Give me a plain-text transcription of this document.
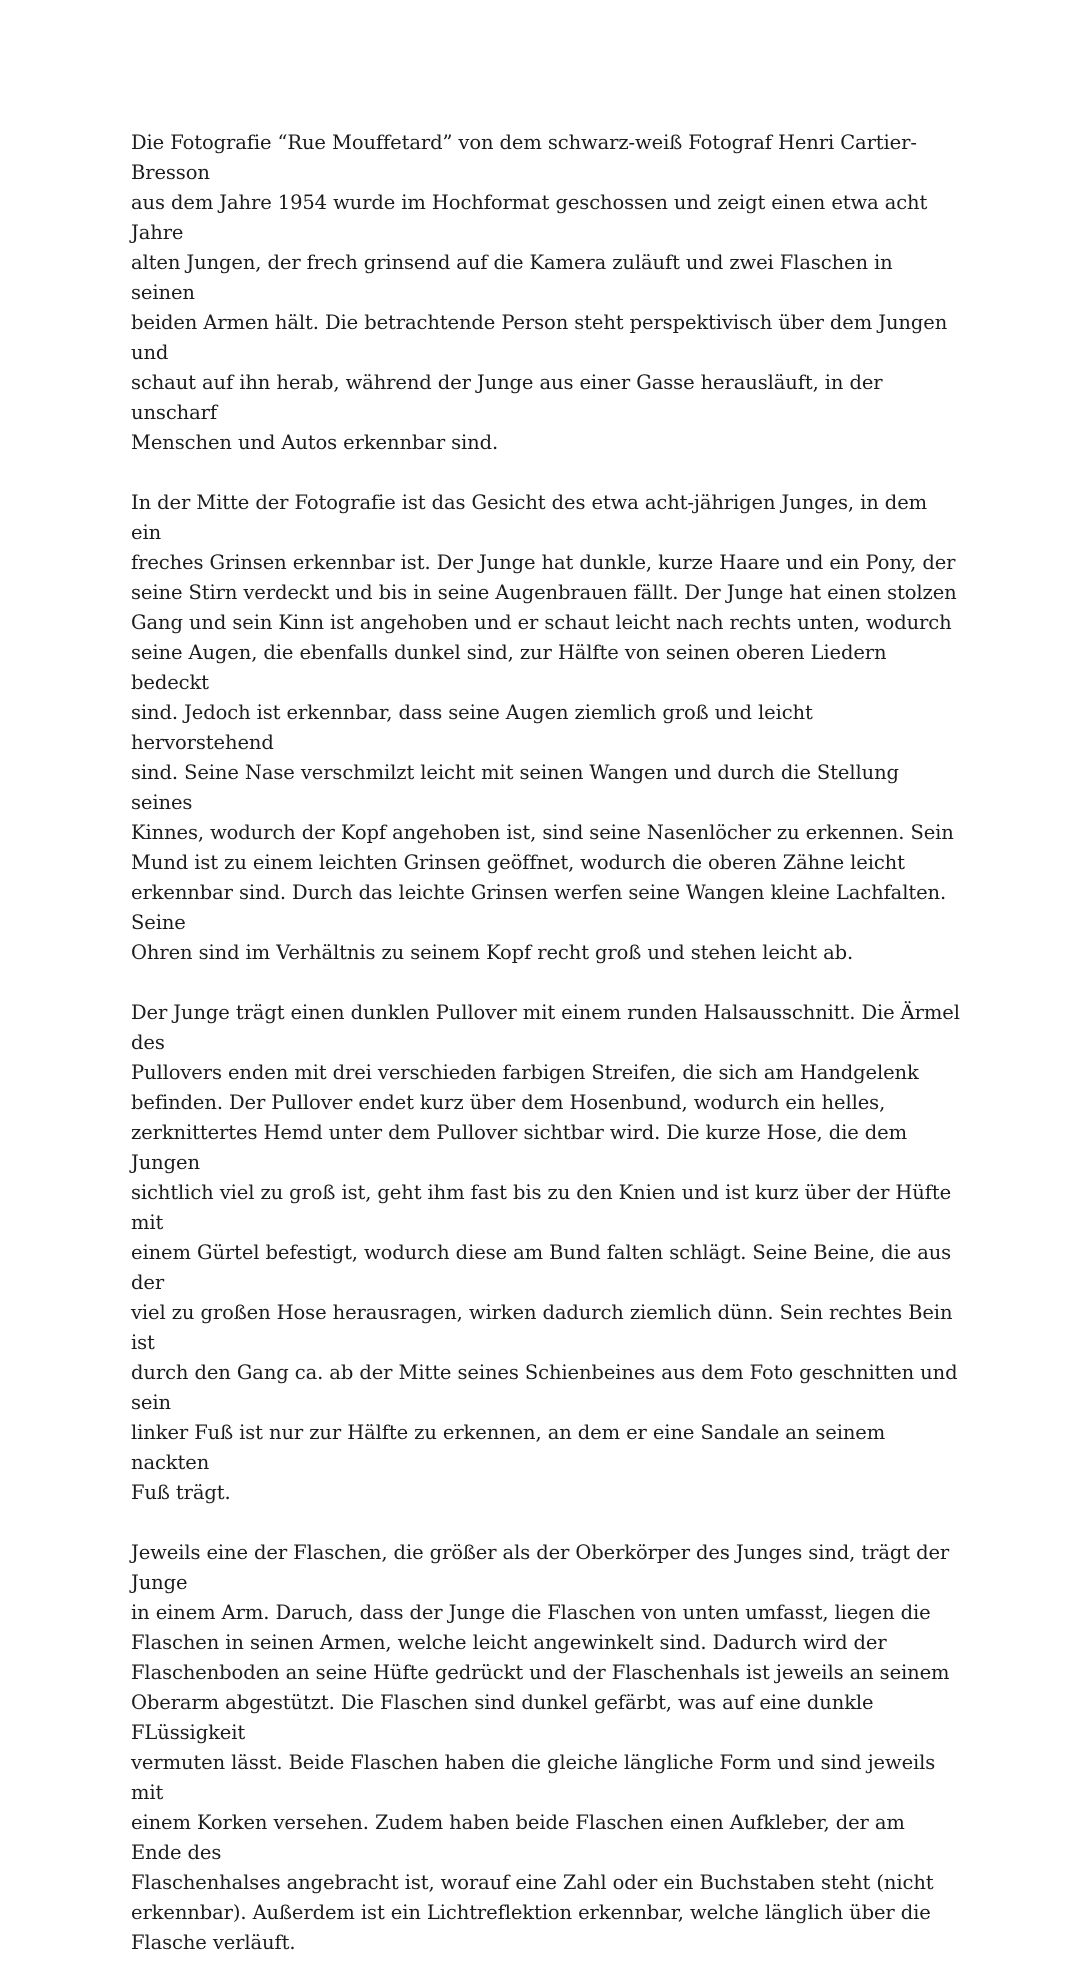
Die Fotografie “Rue Mouffetard” von dem schwarz-weiß Fotograf Henri Cartier-Bresson
aus dem Jahre 1954 wurde im Hochformat geschossen und zeigt einen etwa acht Jahre
alten Jungen, der frech grinsend auf die Kamera zuläuft und zwei Flaschen in seinen
beiden Armen hält. Die betrachtende Person steht perspektivisch über dem Jungen und
schaut auf ihn herab, während der Junge aus einer Gasse herausläuft, in der unscharf
Menschen und Autos erkennbar sind.

In der Mitte der Fotografie ist das Gesicht des etwa acht-jährigen Junges, in dem ein
freches Grinsen erkennbar ist. Der Junge hat dunkle, kurze Haare und ein Pony, der
seine Stirn verdeckt und bis in seine Augenbrauen fällt. Der Junge hat einen stolzen
Gang und sein Kinn ist angehoben und er schaut leicht nach rechts unten, wodurch
seine Augen, die ebenfalls dunkel sind, zur Hälfte von seinen oberen Liedern bedeckt
sind. Jedoch ist erkennbar, dass seine Augen ziemlich groß und leicht hervorstehend
sind. Seine Nase verschmilzt leicht mit seinen Wangen und durch die Stellung seines
Kinnes, wodurch der Kopf angehoben ist, sind seine Nasenlöcher zu erkennen. Sein
Mund ist zu einem leichten Grinsen geöffnet, wodurch die oberen Zähne leicht
erkennbar sind. Durch das leichte Grinsen werfen seine Wangen kleine Lachfalten. Seine
Ohren sind im Verhältnis zu seinem Kopf recht groß und stehen leicht ab.

Der Junge trägt einen dunklen Pullover mit einem runden Halsausschnitt. Die Ärmel des
Pullovers enden mit drei verschieden farbigen Streifen, die sich am Handgelenk
befinden. Der Pullover endet kurz über dem Hosenbund, wodurch ein helles,
zerknittertes Hemd unter dem Pullover sichtbar wird. Die kurze Hose, die dem Jungen
sichtlich viel zu groß ist, geht ihm fast bis zu den Knien und ist kurz über der Hüfte mit
einem Gürtel befestigt, wodurch diese am Bund falten schlägt. Seine Beine, die aus der
viel zu großen Hose herausragen, wirken dadurch ziemlich dünn. Sein rechtes Bein ist
durch den Gang ca. ab der Mitte seines Schienbeines aus dem Foto geschnitten und sein
linker Fuß ist nur zur Hälfte zu erkennen, an dem er eine Sandale an seinem nackten
Fuß trägt.

Jeweils eine der Flaschen, die größer als der Oberkörper des Junges sind, trägt der Junge
in einem Arm. Daruch, dass der Junge die Flaschen von unten umfasst, liegen die
Flaschen in seinen Armen, welche leicht angewinkelt sind. Dadurch wird der
Flaschenboden an seine Hüfte gedrückt und der Flaschenhals ist jeweils an seinem
Oberarm abgestützt. Die Flaschen sind dunkel gefärbt, was auf eine dunkle FLüssigkeit
vermuten lässt. Beide Flaschen haben die gleiche längliche Form und sind jeweils mit
einem Korken versehen. Zudem haben beide Flaschen einen Aufkleber, der am Ende des
Flaschenhalses angebracht ist, worauf eine Zahl oder ein Buchstaben steht (nicht
erkennbar). Außerdem ist ein Lichtreflektion erkennbar, welche länglich über die
Flasche verläuft.
